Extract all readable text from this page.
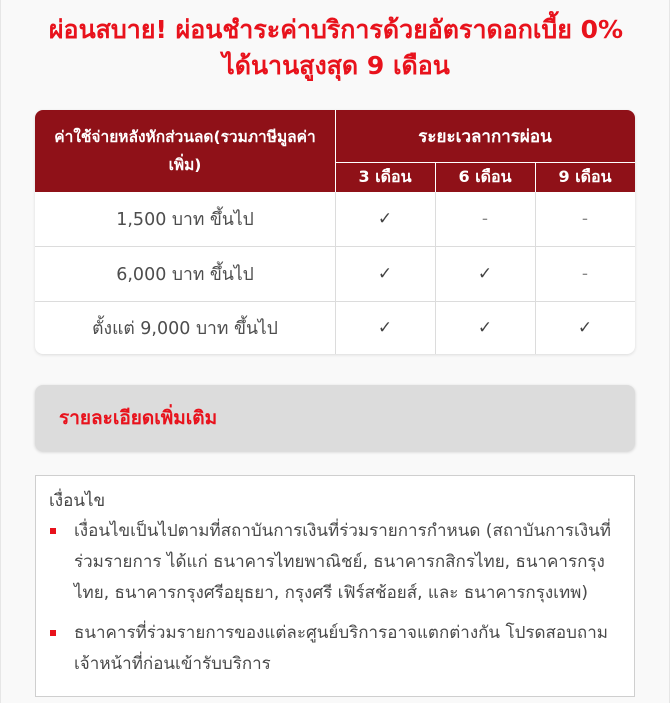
ผ่อนสบาย! ผ่อนชำระค่าบริการด้วยอัตราดอกเบี้ย 0%
ได้นานสูงสุด 9 เดือน
ค่าใช้จ่ายหลังหักส่วนลด(รวมภาษีมูลค่าเพิ่ม)
ระยะเวลาการผ่อน
3 เดือน	6 เดือน	9 เดือน
1,500 บาท ขึ้นไป	✓	-	-
6,000 บาท ขึ้นไป	✓	✓	-
ตั้งแต่ 9,000 บาท ขึ้นไป	✓	✓	✓
รายละเอียดเพิ่มเติม
เงื่อนไข
เงื่อนไขเป็นไปตามที่สถาบันการเงินที่ร่วมรายการกำหนด (สถาบันการเงินที่ร่วมรายการ ได้แก่ ธนาคารไทยพาณิชย์, ธนาคารกสิกรไทย, ธนาคารกรุงไทย, ธนาคารกรุงศรีอยุธยา, กรุงศรี เฟิร์สช้อยส์, และ ธนาคารกรุงเทพ)
ธนาคารที่ร่วมรายการของแต่ละศูนย์บริการอาจแตกต่างกัน โปรดสอบถามเจ้าหน้าที่ก่อนเข้ารับบริการ
